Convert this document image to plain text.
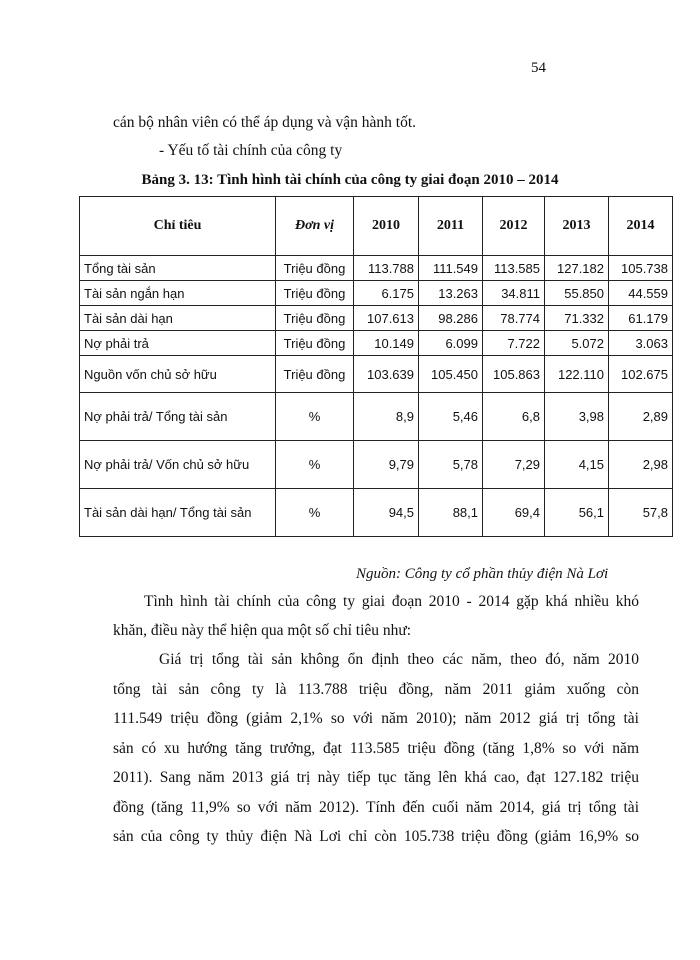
54
cán bộ nhân viên có thể áp dụng và vận hành tốt.
- Yếu tố tài chính của công ty
Bảng 3. 13: Tình hình tài chính của công ty giai đoạn 2010 – 2014
Chỉ tiêu	Đơn vị	2010	2011	2012	2013	2014
Tổng tài sản	Triệu đồng	113.788	111.549	113.585	127.182	105.738
Tài sản ngắn hạn	Triệu đồng	6.175	13.263	34.811	55.850	44.559
Tài sản dài hạn	Triệu đồng	107.613	98.286	78.774	71.332	61.179
Nợ phải trả	Triệu đồng	10.149	6.099	7.722	5.072	3.063
Nguồn vốn chủ sở hữu	Triệu đồng	103.639	105.450	105.863	122.110	102.675
Nợ phải trả/ Tổng tài sản	%	8,9	5,46	6,8	3,98	2,89
Nợ phải trả/ Vốn chủ sở hữu	%	9,79	5,78	7,29	4,15	2,98
Tài sản dài hạn/ Tổng tài sản	%	94,5	88,1	69,4	56,1	57,8
Nguồn: Công ty cổ phần thủy điện Nà Lơi
Tình hình tài chính của công ty giai đoạn 2010 - 2014 gặp khá nhiều khó
khăn, điều này thể hiện qua một số chỉ tiêu như:
Giá trị tổng tài sản không ổn định theo các năm, theo đó, năm 2010
tổng tài sản công ty là 113.788 triệu đồng, năm 2011 giảm xuống còn
111.549 triệu đồng (giảm 2,1% so với năm 2010); năm 2012 giá trị tổng tài
sản có xu hướng tăng trưởng, đạt 113.585 triệu đồng (tăng 1,8% so với năm
2011). Sang năm 2013 giá trị này tiếp tục tăng lên khá cao, đạt 127.182 triệu
đồng (tăng 11,9% so với năm 2012). Tính đến cuối năm 2014, giá trị tổng tài
sản của công ty thủy điện Nà Lơi chỉ còn 105.738 triệu đồng (giảm 16,9% so
